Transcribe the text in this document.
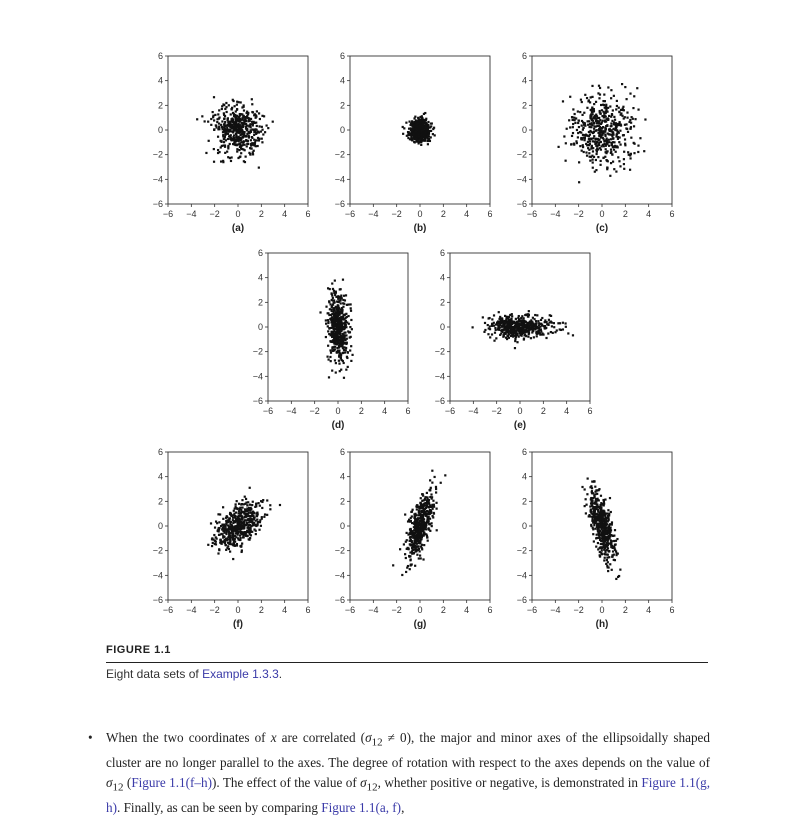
−6 −4 −2 0 2 4 6
−6
−4
−2
0
2
4
6
(a)
−6 −4 −2 0 2 4 6
−6
−4
−2
0
2
4
6
(b)
−6 −4 −2 0 2 4 6
−6
−4
−2
0
2
4
6
(c)
−6 −4 −2 0 2 4 6
−6
−4
−2
0
2
4
6
(d)
−6 −4 −2 0 2 4 6
−6
−4
−2
0
2
4
6
(e)
−6 −4 −2 0 2 4 6
−6
−4
−2
0
2
4
6
(f)
−6 −4 −2 0 2 4 6
−6
−4
−2
0
2
4
6
(g)
−6 −4 −2 0 2 4 6
−6
−4
−2
0
2
4
6
(h)
FIGURE 1.1
Eight data sets of Example 1.3.3.
• When the two coordinates of x are correlated $(\sigma_{12} \ne 0)$, the major and minor axes of the ellipsoidally shaped cluster are no longer parallel to the axes. The degree of rotation with respect to the axes depends on the value of $\sigma_{12}$ (Figure 1.1(f–h)). The effect of the value of $\sigma_{12}$, whether positive or negative, is demonstrated in Figure 1.1(g, h). Finally, as can be seen by comparing Figure 1.1(a, f),
